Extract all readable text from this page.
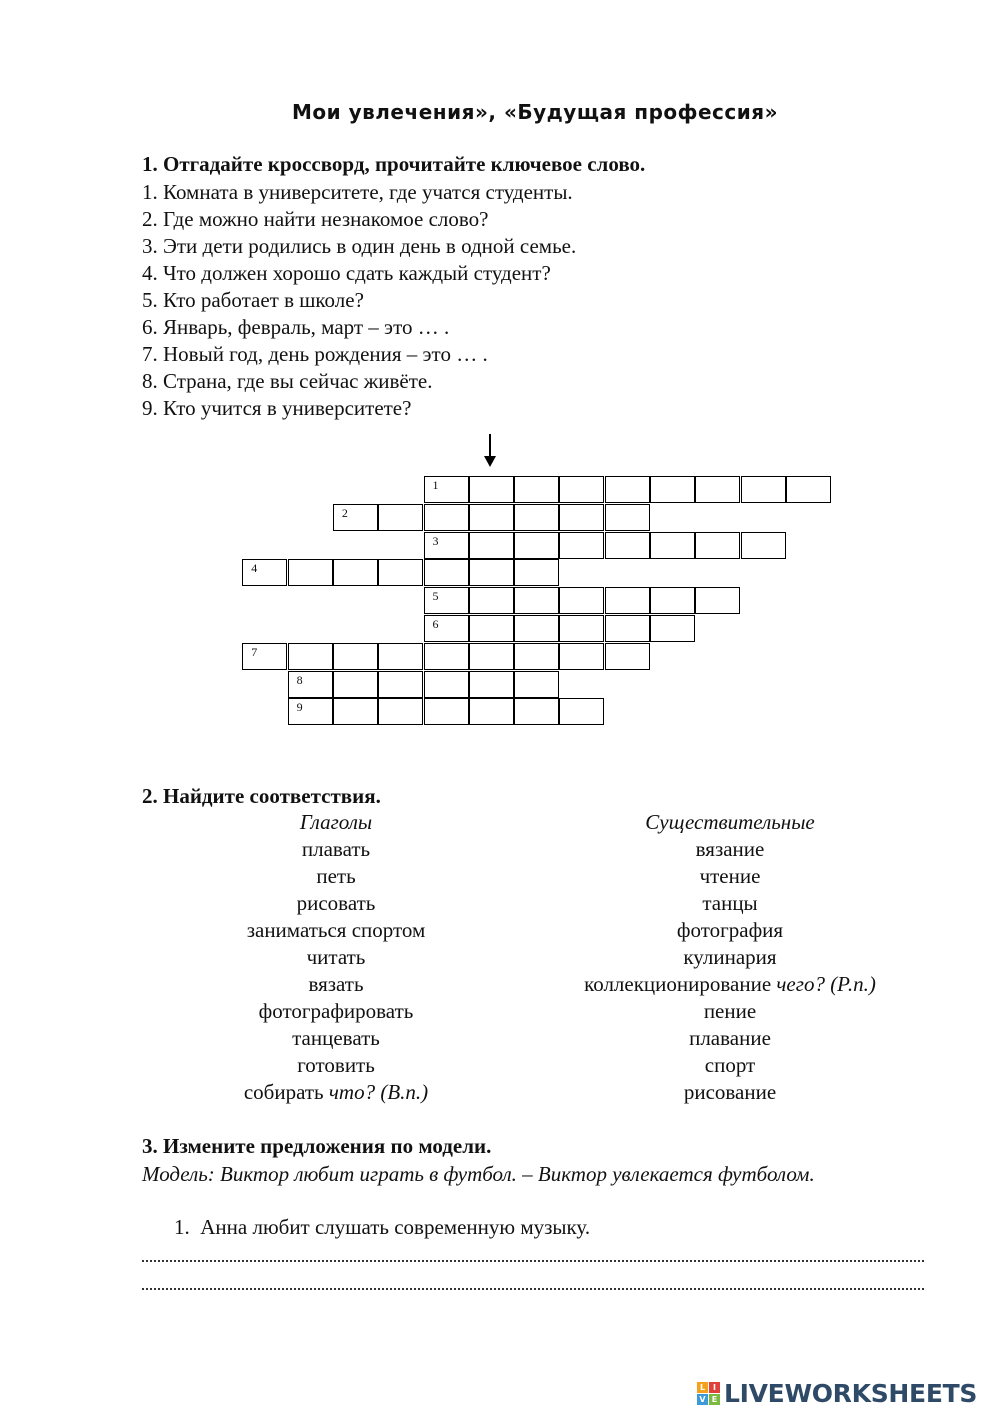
Мои увлечения», «Будущая профессия»
1. Отгадайте кроссворд, прочитайте ключевое слово.
1. Комната в университете, где учатся студенты.
2. Где можно найти незнакомое слово?
3. Эти дети родились в один день в одной семье.
4. Что должен хорошо сдать каждый студент?
5. Кто работает в школе?
6. Январь, февраль, март – это … .
7. Новый год, день рождения – это … .
8. Страна, где вы сейчас живёте.
9. Кто учится в университете?
1
2
3
4
5
6
7
8
9
2. Найдите соответствия.
Глаголы
плавать
петь
рисовать
заниматься спортом
читать
вязать
фотографировать
танцевать
готовить
собирать что? (В.п.)
Существительные
вязание
чтение
танцы
фотография
кулинария
коллекционирование чего? (Р.п.)
пение
плавание
спорт
рисование
3. Измените предложения по модели.
Модель: Виктор любит играть в футбол. – Виктор увлекается футболом.
1. Анна любит слушать современную музыку.
L I
V E LIVEWORKSHEETS
